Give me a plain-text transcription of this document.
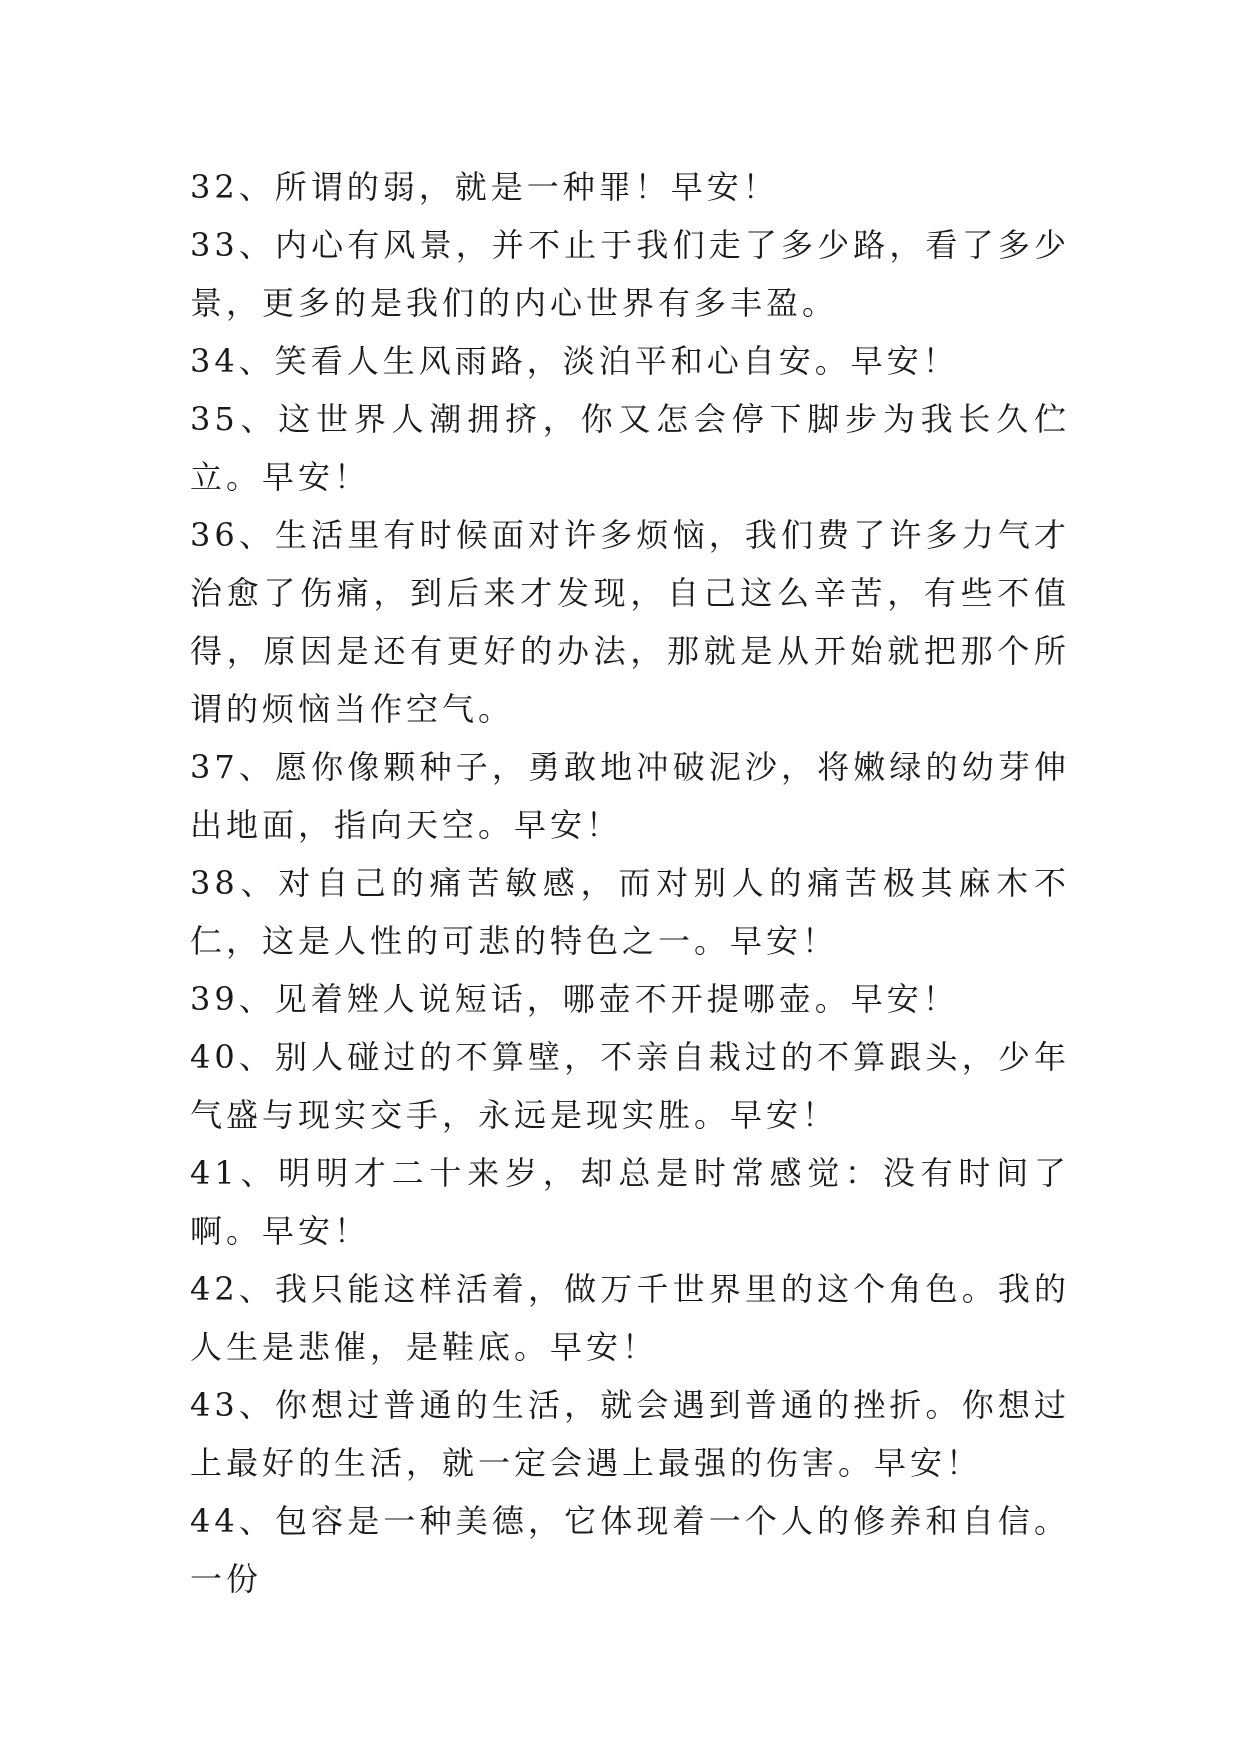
32、所谓的弱，就是一种罪！早安！

33、内心有风景，并不止于我们走了多少路，看了多少景，更多的是我们的内心世界有多丰盈。

34、笑看人生风雨路，淡泊平和心自安。早安！

35、这世界人潮拥挤，你又怎会停下脚步为我长久伫立。早安！

36、生活里有时候面对许多烦恼，我们费了许多力气才治愈了伤痛，到后来才发现，自己这么辛苦，有些不值得，原因是还有更好的办法，那就是从开始就把那个所谓的烦恼当作空气。

37、愿你像颗种子，勇敢地冲破泥沙，将嫩绿的幼芽伸出地面，指向天空。早安！

38、对自己的痛苦敏感，而对别人的痛苦极其麻木不仁，这是人性的可悲的特色之一。早安！

39、见着矬人说短话，哪壶不开提哪壶。早安！

40、别人碰过的不算壁，不亲自栽过的不算跟头，少年气盛与现实交手，永远是现实胜。早安！

41、明明才二十来岁，却总是时常感觉：没有时间了啊。早安！

42、我只能这样活着，做万千世界里的这个角色。我的人生是悲催，是鞋底。早安！

43、你想过普通的生活，就会遇到普通的挫折。你想过上最好的生活，就一定会遇上最强的伤害。早安！

44、包容是一种美德，它体现着一个人的修养和自信。一份
